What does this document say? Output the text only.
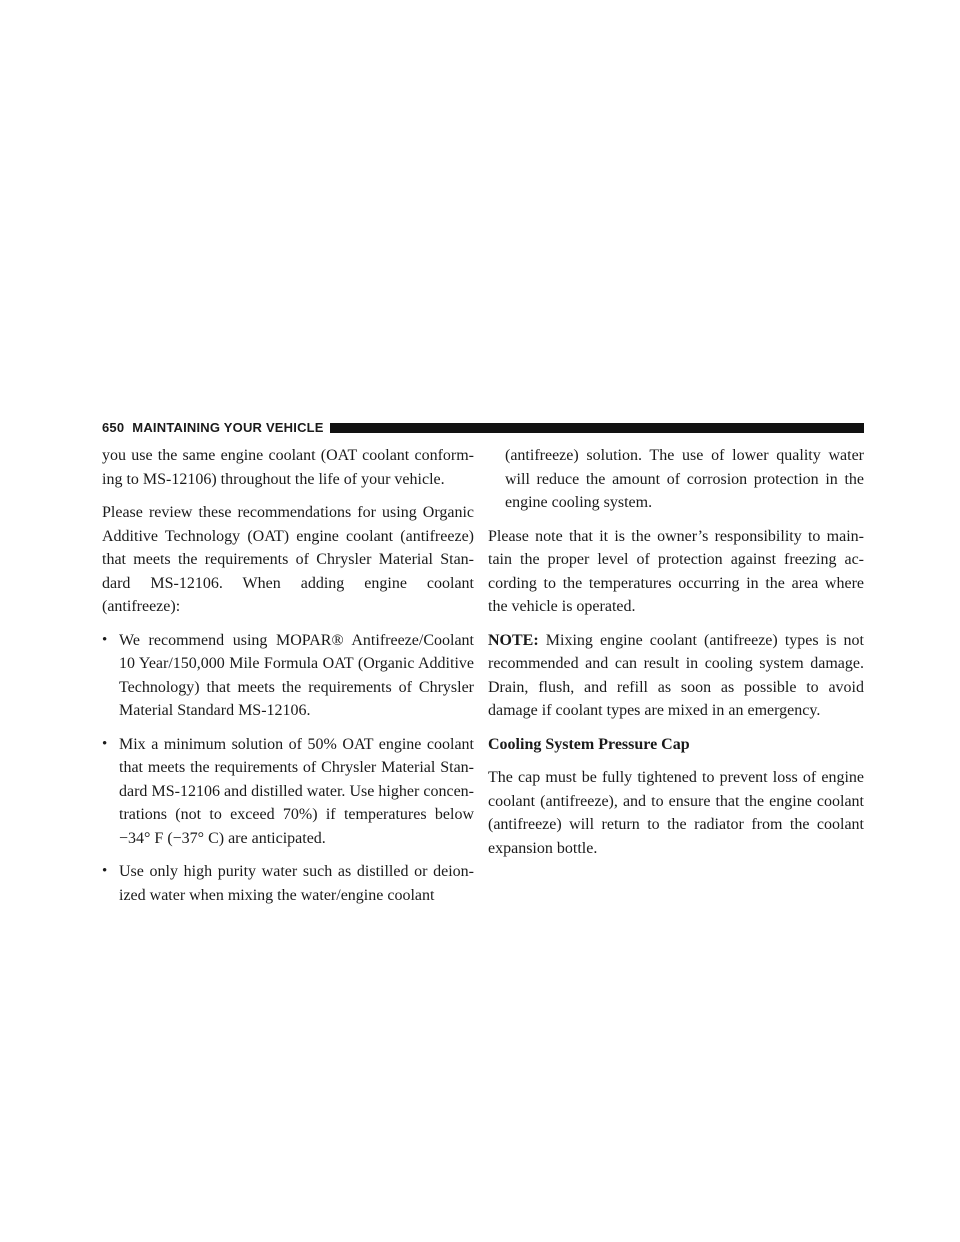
650 MAINTAINING YOUR VEHICLE

you use the same engine coolant (OAT coolant conform-ing to MS-12106) throughout the life of your vehicle.

Please review these recommendations for using Organic Additive Technology (OAT) engine coolant (antifreeze) that meets the requirements of Chrysler Material Stan-dard MS-12106. When adding engine coolant (antifreeze):

• We recommend using MOPAR® Antifreeze/Coolant 10 Year/150,000 Mile Formula OAT (Organic Additive Technology) that meets the requirements of Chrysler Material Standard MS-12106.
• Mix a minimum solution of 50% OAT engine coolant that meets the requirements of Chrysler Material Stan-dard MS-12106 and distilled water. Use higher concen-trations (not to exceed 70%) if temperatures below −34° F (−37° C) are anticipated.
• Use only high purity water such as distilled or deion-ized water when mixing the water/engine coolant

(antifreeze) solution. The use of lower quality water will reduce the amount of corrosion protection in the engine cooling system.

Please note that it is the owner’s responsibility to main-tain the proper level of protection against freezing ac-cording to the temperatures occurring in the area where the vehicle is operated.

NOTE: Mixing engine coolant (antifreeze) types is not recommended and can result in cooling system damage. Drain, flush, and refill as soon as possible to avoid damage if coolant types are mixed in an emergency.

Cooling System Pressure Cap

The cap must be fully tightened to prevent loss of engine coolant (antifreeze), and to ensure that the engine coolant (antifreeze) will return to the radiator from the coolant expansion bottle.
